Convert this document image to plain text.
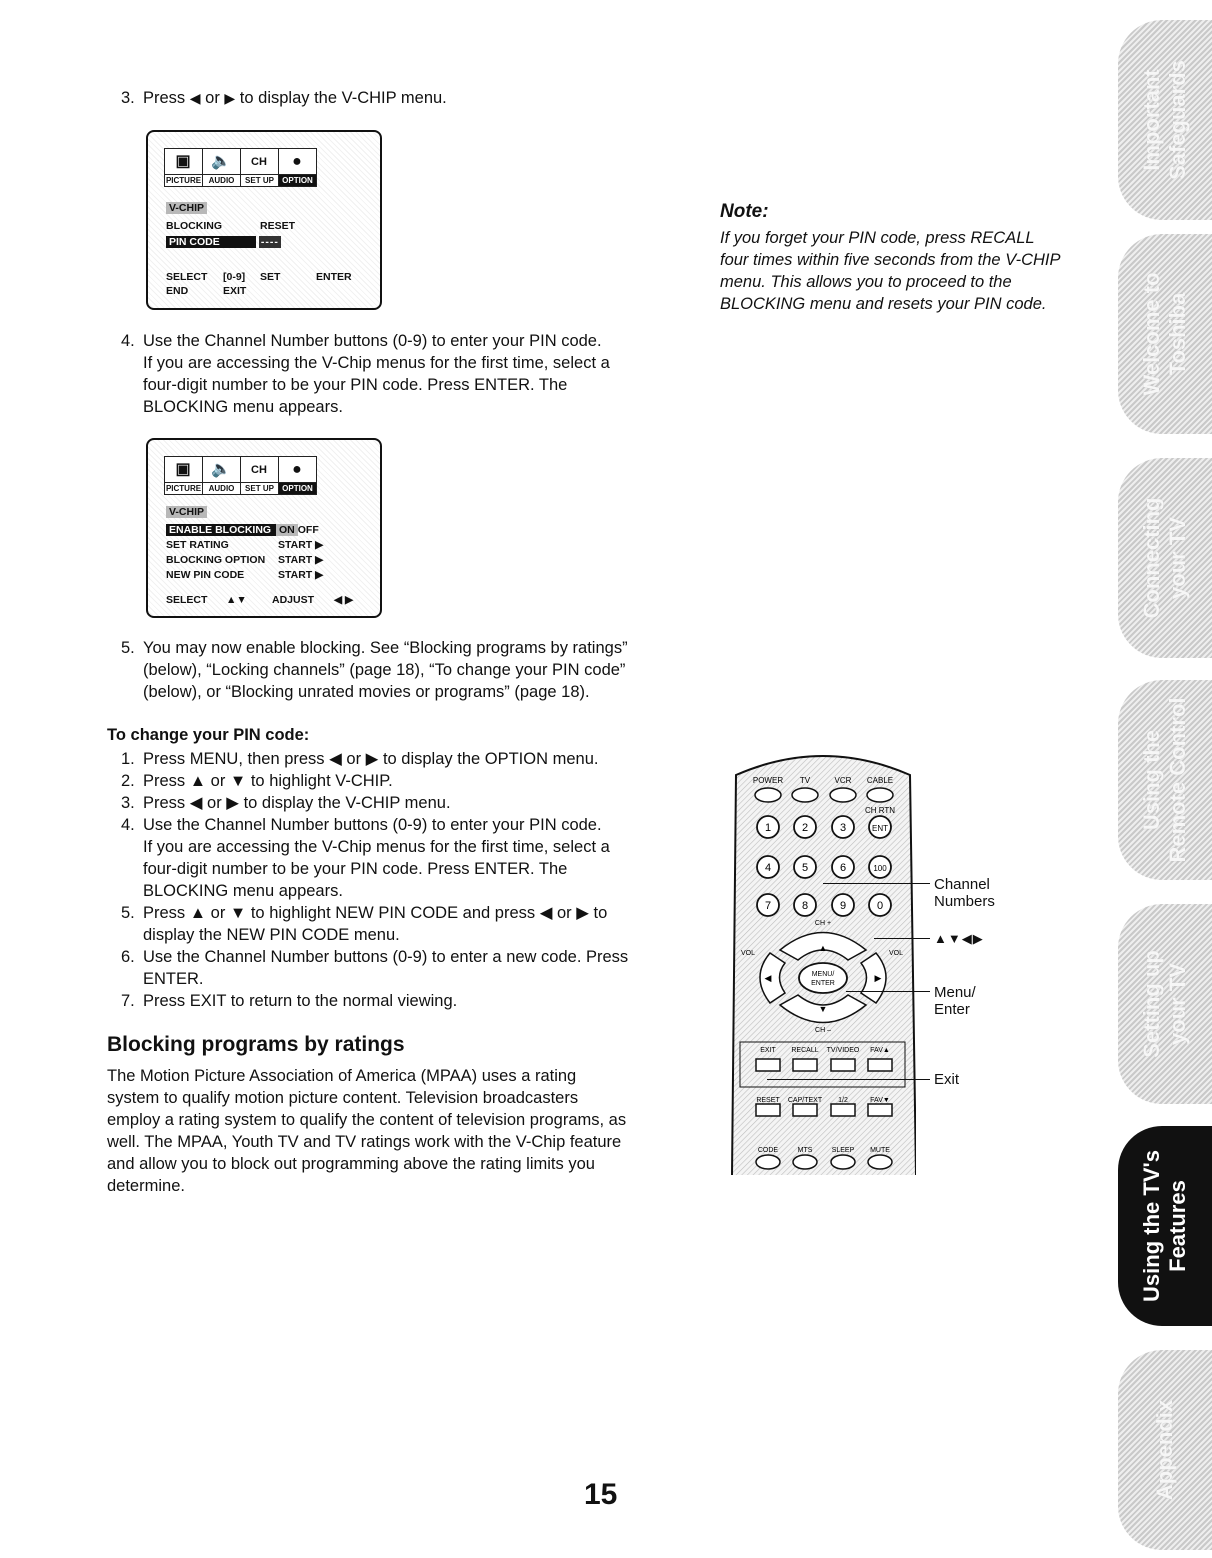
3. Press ◀ or ▶ to display the V-CHIP menu.
▣
PICTURE
🔈
AUDIO
CH
SET UP
●
OPTION
V-CHIP
BLOCKING	RESET
PIN CODE	----
SELECT [0-9] SET	ENTER
END	EXIT
4. Use the Channel Number buttons (0-9) to enter your PIN code.
If you are accessing the V-Chip menus for the first time, select a
four-digit number to be your PIN code. Press ENTER. The
BLOCKING menu appears.
▣
PICTURE
🔈
AUDIO
CH
SET UP
●
OPTION
V-CHIP
ENABLE BLOCKING ON OFF
SET RATING	START ▶
BLOCKING OPTION START ▶
NEW PIN CODE	START ▶
SELECT ▲▼ ADJUST ◀ ▶
5. You may now enable blocking. See “Blocking programs by ratings”
(below), “Locking channels” (page 18), “To change your PIN code”
(below), or “Blocking unrated movies or programs” (page 18).
Note:
If you forget your PIN code, press RECALL
four times within five seconds from the V-CHIP
menu. This allows you to proceed to the
BLOCKING menu and resets your PIN code.
To change your PIN code:
1. Press MENU, then press ◀ or ▶ to display the OPTION menu.
2. Press ▲ or ▼ to highlight V-CHIP.
3. Press ◀ or ▶ to display the V-CHIP menu.
4. Use the Channel Number buttons (0-9) to enter your PIN code.
If you are accessing the V-Chip menus for the first time, select a
four-digit number to be your PIN code. Press ENTER. The
BLOCKING menu appears.
5. Press ▲ or ▼ to highlight NEW PIN CODE and press ◀ or ▶ to
display the NEW PIN CODE menu.
6. Use the Channel Number buttons (0-9) to enter a new code. Press
ENTER.
7. Press EXIT to return to the normal viewing.
Blocking programs by ratings
The Motion Picture Association of America (MPAA) uses a rating
system to qualify motion picture content. Television broadcasters
employ a rating system to qualify the content of television programs, as
well. The MPAA, Youth TV and TV ratings work with the V-Chip feature
and allow you to block out programming above the rating limits you
determine.
POWER TV	VCR CABLE
CH RTN
1	2	3	ENT
4	5	6	100
7	8	9	0
CH +
CH –
VOL	VOL
▲
▼
◀	▶
MENU/
ENTER
EXIT RECALL TV/VIDEO FAV▲
RESET CAP/TEXT 1/2	FAV▼
CODE	MTS	SLEEP MUTE
Channel
Numbers
▲▼◀▶
Menu/
Enter
Exit
Important
Safeguards
Welcome to
Toshiba
Connecting
your TV
Using the
Remote Control
Setting up
your TV
Using the TV's
Features
Appendix
15
